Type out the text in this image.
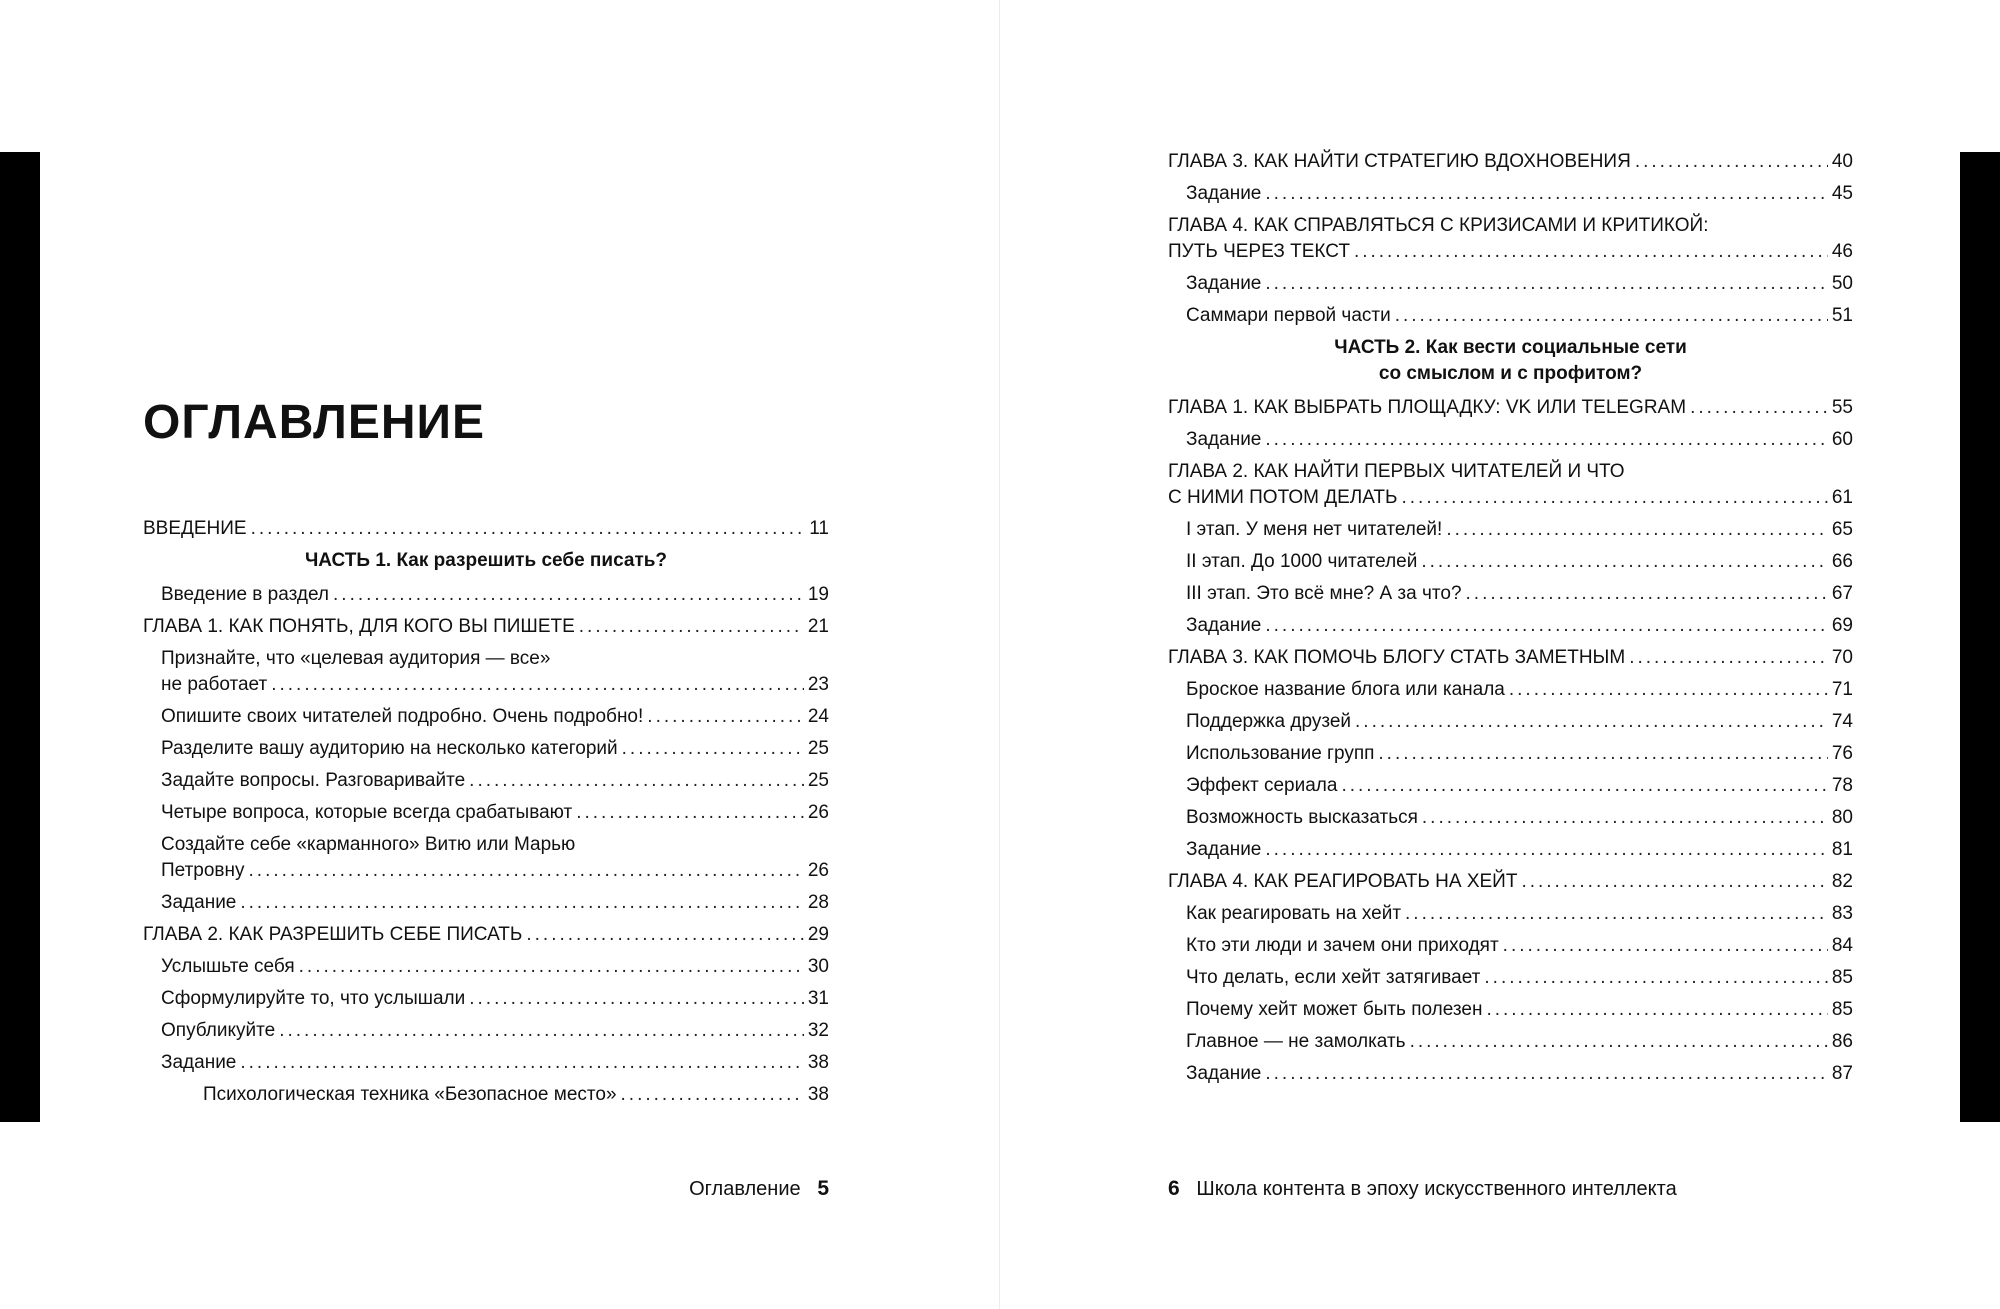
ОГЛАВЛЕНИЕ
ВВЕДЕНИЕ .....	11
ЧАСТЬ 1. Как разрешить себе писать?
Введение в раздел .....	19
ГЛАВА 1. КАК ПОНЯТЬ, ДЛЯ КОГО ВЫ ПИШЕТЕ .....	21
Признайте, что «целевая аудитория — все»
не работает .....	23
Опишите своих читателей подробно. Очень подробно! .....	24
Разделите вашу аудиторию на несколько категорий .....	25
Задайте вопросы. Разговаривайте .....	25
Четыре вопроса, которые всегда срабатывают .....	26
Создайте себе «карманного» Витю или Марью
Петровну .....	26
Задание .....	28
ГЛАВА 2. КАК РАЗРЕШИТЬ СЕБЕ ПИСАТЬ .....	29
Услышьте себя .....	30
Сформулируйте то, что услышали .....	31
Опубликуйте .....	32
Задание .....	38
Психологическая техника «Безопасное место» .....	38
Оглавление 5
ГЛАВА 3. КАК НАЙТИ СТРАТЕГИЮ ВДОХНОВЕНИЯ .....	40
Задание .....	45
ГЛАВА 4. КАК СПРАВЛЯТЬСЯ С КРИЗИСАМИ И КРИТИКОЙ:
ПУТЬ ЧЕРЕЗ ТЕКСТ .....	46
Задание .....	50
Саммари первой части .....	51
ЧАСТЬ 2. Как вести социальные сети
со смыслом и с профитом?
ГЛАВА 1. КАК ВЫБРАТЬ ПЛОЩАДКУ: VK ИЛИ TELEGRAM .....	55
Задание .....	60
ГЛАВА 2. КАК НАЙТИ ПЕРВЫХ ЧИТАТЕЛЕЙ И ЧТО
С НИМИ ПОТОМ ДЕЛАТЬ .....	61
I этап. У меня нет читателей! .....	65
II этап. До 1000 читателей .....	66
III этап. Это всё мне? А за что? .....	67
Задание .....	69
ГЛАВА 3. КАК ПОМОЧЬ БЛОГУ СТАТЬ ЗАМЕТНЫМ .....	70
Броское название блога или канала .....	71
Поддержка друзей .....	74
Использование групп .....	76
Эффект сериала .....	78
Возможность высказаться .....	80
Задание .....	81
ГЛАВА 4. КАК РЕАГИРОВАТЬ НА ХЕЙТ .....	82
Как реагировать на хейт .....	83
Кто эти люди и зачем они приходят .....	84
Что делать, если хейт затягивает .....	85
Почему хейт может быть полезен .....	85
Главное — не замолкать .....	86
Задание .....	87
6 Школа контента в эпоху искусственного интеллекта
